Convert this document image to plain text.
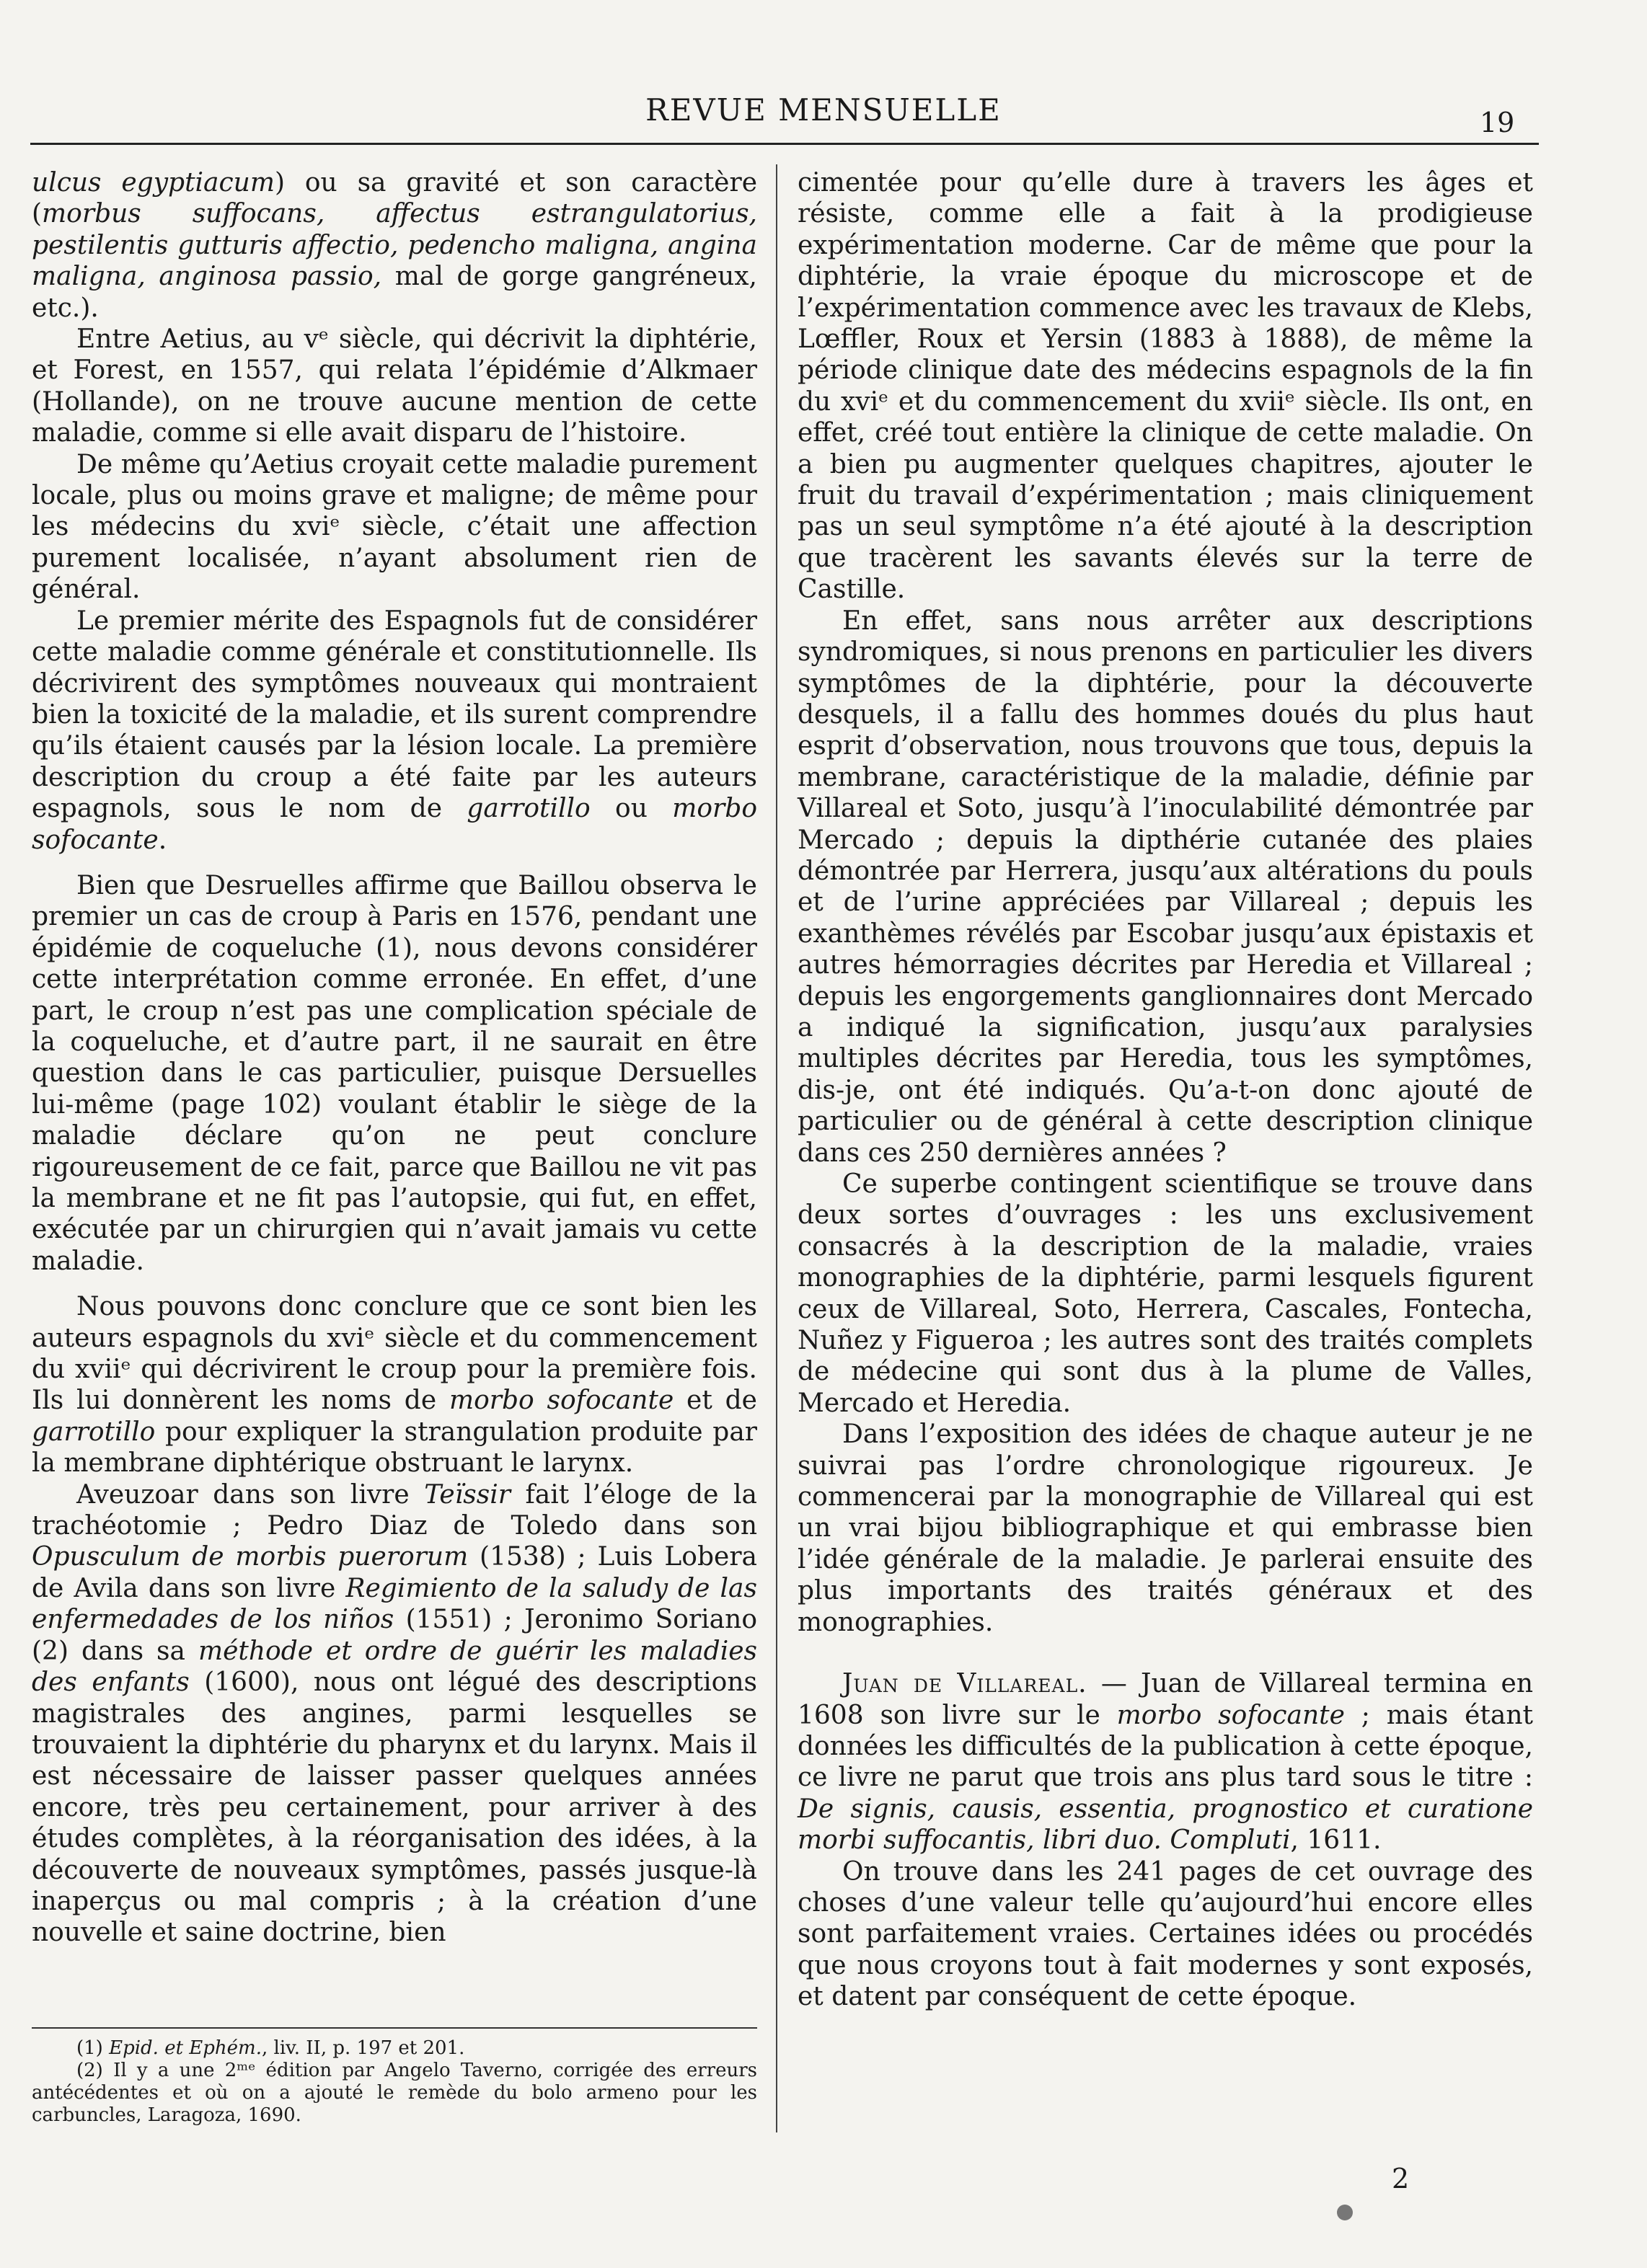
REVUE MENSUELLE	19

ulcus egyptiacum) ou sa gravité et son caractère (morbus suffocans, affectus estrangulatorius, pestilentis gutturis affectio, pedencho maligna, angina maligna, anginosa passio, mal de gorge gangréneux, etc.).

Entre Aetius, au vᵉ siècle, qui décrivit la diphtérie, et Forest, en 1557, qui relata l’épidémie d’Alkmaer (Hollande), on ne trouve aucune mention de cette maladie, comme si elle avait disparu de l’histoire.

De même qu’Aetius croyait cette maladie purement locale, plus ou moins grave et maligne; de même pour les médecins du xviᵉ siècle, c’était une affection purement localisée, n’ayant absolument rien de général.

Le premier mérite des Espagnols fut de considérer cette maladie comme générale et constitutionnelle. Ils décrivirent des symptômes nouveaux qui montraient bien la toxicité de la maladie, et ils surent comprendre qu’ils étaient causés par la lésion locale. La première description du croup a été faite par les auteurs espagnols, sous le nom de garrotillo ou morbo sofocante.

Bien que Desruelles affirme que Baillou observa le premier un cas de croup à Paris en 1576, pendant une épidémie de coqueluche (1), nous devons considérer cette interprétation comme erronée. En effet, d’une part, le croup n’est pas une complication spéciale de la coqueluche, et d’autre part, il ne saurait en être question dans le cas particulier, puisque Dersuelles lui-même (page 102) voulant établir le siège de la maladie déclare qu’on ne peut conclure rigoureusement de ce fait, parce que Baillou ne vit pas la membrane et ne fit pas l’autopsie, qui fut, en effet, exécutée par un chirurgien qui n’avait jamais vu cette maladie.

Nous pouvons donc conclure que ce sont bien les auteurs espagnols du xviᵉ siècle et du commencement du xviiᵉ qui décrivirent le croup pour la première fois. Ils lui donnèrent les noms de morbo sofocante et de garrotillo pour expliquer la strangulation produite par la membrane diphtérique obstruant le larynx.

Aveuzoar dans son livre Teïssir fait l’éloge de la trachéotomie ; Pedro Diaz de Toledo dans son Opusculum de morbis puerorum (1538) ; Luis Lobera de Avila dans son livre Regimiento de la saludy de las enfermedades de los niños (1551) ; Jeronimo Soriano (2) dans sa méthode et ordre de guérir les maladies des enfants (1600), nous ont légué des descriptions magistrales des angines, parmi lesquelles se trouvaient la diphtérie du pharynx et du larynx. Mais il est nécessaire de laisser passer quelques années encore, très peu certainement, pour arriver à des études complètes, à la réorganisation des idées, à la découverte de nouveaux symptômes, passés jusque-là inaperçus ou mal compris ; à la création d’une nouvelle et saine doctrine, bien

cimentée pour qu’elle dure à travers les âges et résiste, comme elle a fait à la prodigieuse expérimentation moderne. Car de même que pour la diphtérie, la vraie époque du microscope et de l’expérimentation commence avec les travaux de Klebs, Lœffler, Roux et Yersin (1883 à 1888), de même la période clinique date des médecins espagnols de la fin du xviᵉ et du commencement du xviiᵉ siècle. Ils ont, en effet, créé tout entière la clinique de cette maladie. On a bien pu augmenter quelques chapitres, ajouter le fruit du travail d’expérimentation ; mais cliniquement pas un seul symptôme n’a été ajouté à la description que tracèrent les savants élevés sur la terre de Castille.

En effet, sans nous arrêter aux descriptions syndromiques, si nous prenons en particulier les divers symptômes de la diphtérie, pour la découverte desquels, il a fallu des hommes doués du plus haut esprit d’observation, nous trouvons que tous, depuis la membrane, caractéristique de la maladie, définie par Villareal et Soto, jusqu’à l’inoculabilité démontrée par Mercado ; depuis la dipthérie cutanée des plaies démontrée par Herrera, jusqu’aux altérations du pouls et de l’urine appréciées par Villareal ; depuis les exanthèmes révélés par Escobar jusqu’aux épistaxis et autres hémorragies décrites par Heredia et Villareal ; depuis les engorgements ganglionnaires dont Mercado a indiqué la signification, jusqu’aux paralysies multiples décrites par Heredia, tous les symptômes, dis-je, ont été indiqués. Qu’a-t-on donc ajouté de particulier ou de général à cette description clinique dans ces 250 dernières années ?

Ce superbe contingent scientifique se trouve dans deux sortes d’ouvrages : les uns exclusivement consacrés à la description de la maladie, vraies monographies de la diphtérie, parmi lesquels figurent ceux de Villareal, Soto, Herrera, Cascales, Fontecha, Nuñez y Figueroa ; les autres sont des traités complets de médecine qui sont dus à la plume de Valles, Mercado et Heredia.

Dans l’exposition des idées de chaque auteur je ne suivrai pas l’ordre chronologique rigoureux. Je commencerai par la monographie de Villareal qui est un vrai bijou bibliographique et qui embrasse bien l’idée générale de la maladie. Je parlerai ensuite des plus importants des traités généraux et des monographies.

Juan de Villareal. — Juan de Villareal termina en 1608 son livre sur le morbo sofocante ; mais étant données les difficultés de la publication à cette époque, ce livre ne parut que trois ans plus tard sous le titre : De signis, causis, essentia, prognostico et curatione morbi suffocantis, libri duo. Compluti, 1611.

On trouve dans les 241 pages de cet ouvrage des choses d’une valeur telle qu’aujourd’hui encore elles sont parfaitement vraies. Certaines idées ou procédés que nous croyons tout à fait modernes y sont exposés, et datent par conséquent de cette époque.

(1) Epid. et Ephém., liv. II, p. 197 et 201.

(2) Il y a une 2ᵐᵉ édition par Angelo Taverno, corrigée des erreurs antécédentes et où on a ajouté le remède du bolo armeno pour les carbuncles, Laragoza, 1690.

2
